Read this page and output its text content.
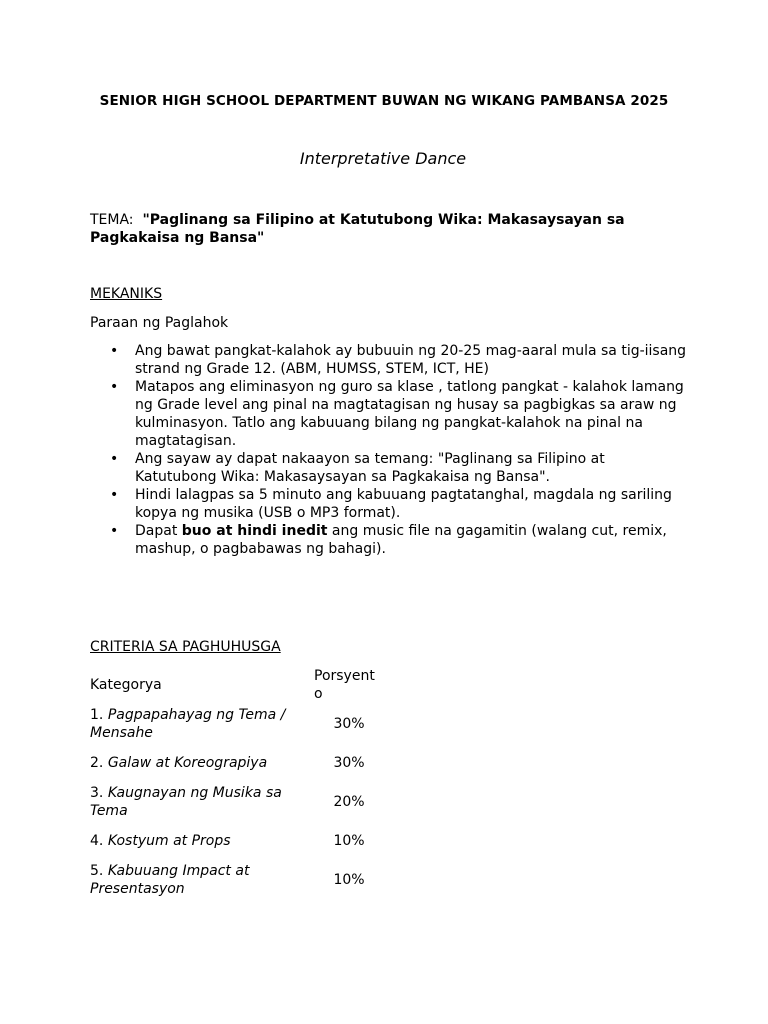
SENIOR HIGH SCHOOL DEPARTMENT BUWAN NG WIKANG PAMBANSA 2025
Interpretative Dance
TEMA: "Paglinang sa Filipino at Katutubong Wika: Makasaysayan sa Pagkakaisa ng Bansa"
MEKANIKS
Paraan ng Paglahok
• Ang bawat pangkat-kalahok ay bubuuin ng 20-25 mag-aaral mula sa tig-iisang strand ng Grade 12. (ABM, HUMSS, STEM, ICT, HE)
• Matapos ang eliminasyon ng guro sa klase , tatlong pangkat - kalahok lamang ng Grade level ang pinal na magtatagisan ng husay sa pagbigkas sa araw ng kulminasyon. Tatlo ang kabuuang bilang ng pangkat-kalahok na pinal na magtatagisan.
• Ang sayaw ay dapat nakaayon sa temang: "Paglinang sa Filipino at Katutubong Wika: Makasaysayan sa Pagkakaisa ng Bansa".
• Hindi lalagpas sa 5 minuto ang kabuuang pagtatanghal, magdala ng sariling kopya ng musika (USB o MP3 format).
• Dapat buo at hindi inedit ang music file na gagamitin (walang cut, remix, mashup, o pagbabawas ng bahagi).
CRITERIA SA PAGHUHUSGA
Kategorya	Porsyento
1. Pagpapahayag ng Tema / Mensahe	30%
2. Galaw at Koreograpiya	30%
3. Kaugnayan ng Musika sa Tema	20%
4. Kostyum at Props	10%
5. Kabuuang Impact at Presentasyon	10%
